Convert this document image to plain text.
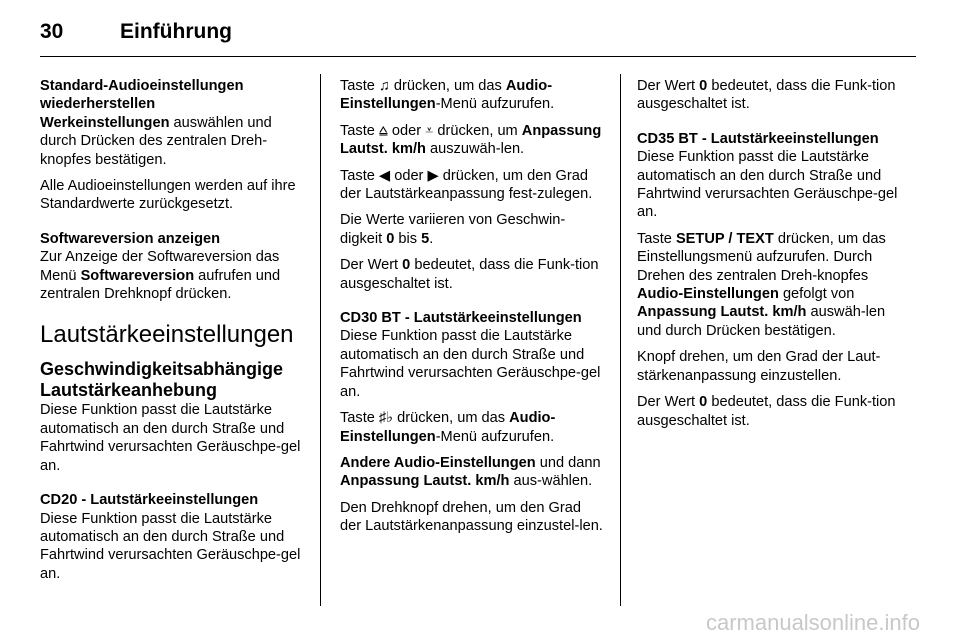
30	Einführung

Standard-Audioeinstellungen wiederherstellen

Werkeinstellungen auswählen und durch Drücken des zentralen Dreh-knopfes bestätigen.

Alle Audioeinstellungen werden auf ihre Standardwerte zurückgesetzt.

Softwareversion anzeigen

Zur Anzeige der Softwareversion das Menü Softwareversion aufrufen und zentralen Drehknopf drücken.

Lautstärkeeinstellungen
Geschwindigkeitsabhängige Lautstärkeanhebung

Diese Funktion passt die Lautstärke automatisch an den durch Straße und Fahrtwind verursachten Geräuschpe-gel an.

CD20 - Lautstärkeeinstellungen

Diese Funktion passt die Lautstärke automatisch an den durch Straße und Fahrtwind verursachten Geräuschpe-gel an.

Taste ♫ drücken, um das Audio-Einstellungen-Menü aufzurufen.

Taste ⩠ oder ⩡ drücken, um Anpassung Lautst. km/h auszuwäh-len.

Taste ◀ oder ▶ drücken, um den Grad der Lautstärkeanpassung fest-zulegen.

Die Werte variieren von Geschwin-digkeit 0 bis 5.

Der Wert 0 bedeutet, dass die Funk-tion ausgeschaltet ist.

CD30 BT - Lautstärkeeinstellungen

Diese Funktion passt die Lautstärke automatisch an den durch Straße und Fahrtwind verursachten Geräuschpe-gel an.

Taste ♯♭ drücken, um das Audio-Einstellungen-Menü aufzurufen.

Andere Audio-Einstellungen und dann Anpassung Lautst. km/h aus-wählen.

Den Drehknopf drehen, um den Grad der Lautstärkenanpassung einzustel-len.

Der Wert 0 bedeutet, dass die Funk-tion ausgeschaltet ist.

CD35 BT - Lautstärkeeinstellungen

Diese Funktion passt die Lautstärke automatisch an den durch Straße und Fahrtwind verursachten Geräuschpe-gel an.

Taste SETUP / TEXT drücken, um das Einstellungsmenü aufzurufen. Durch Drehen des zentralen Dreh-knopfes Audio-Einstellungen gefolgt von Anpassung Lautst. km/h auswäh-len und durch Drücken bestätigen.

Knopf drehen, um den Grad der Laut-stärkenanpassung einzustellen.

Der Wert 0 bedeutet, dass die Funk-tion ausgeschaltet ist.

carmanualsonline.info
